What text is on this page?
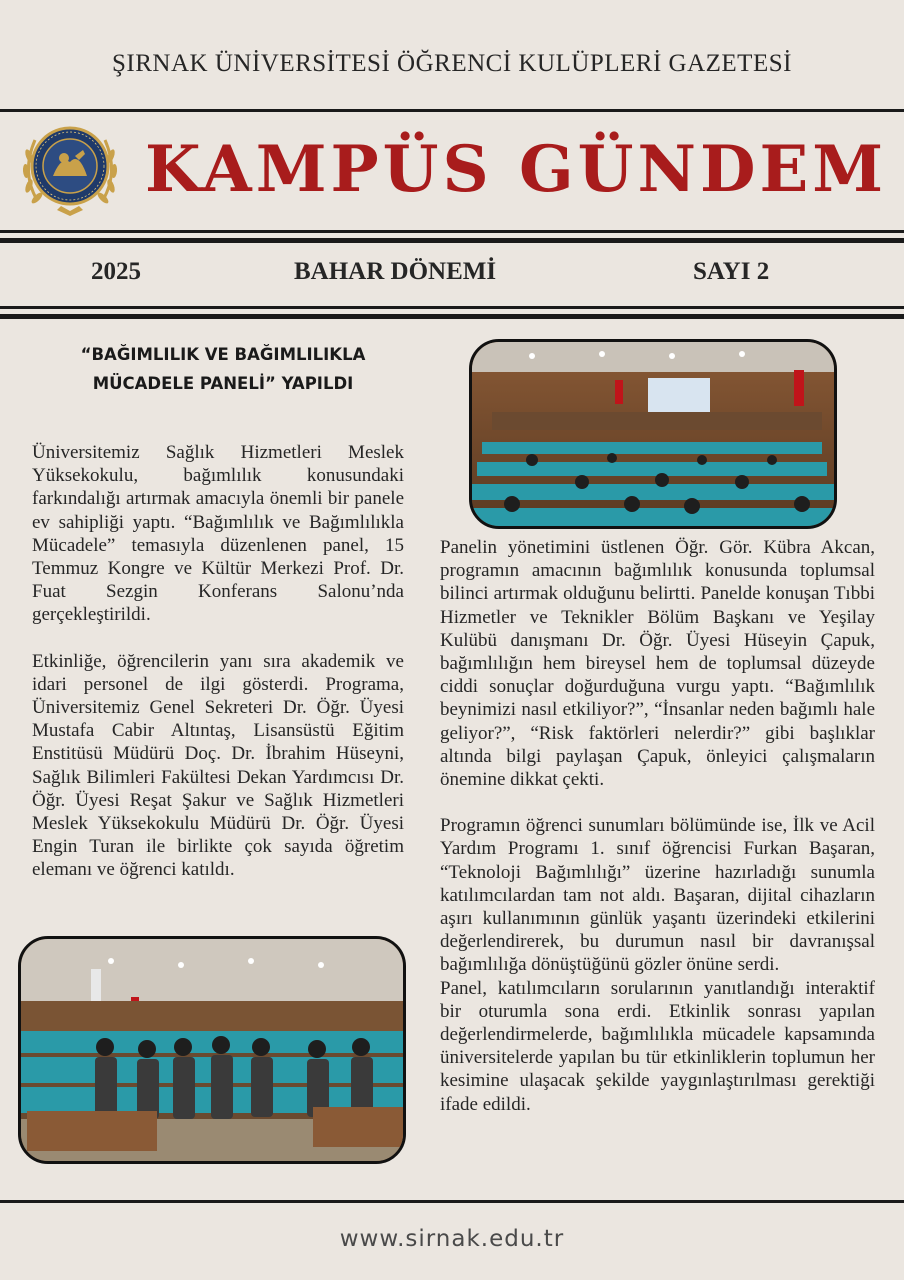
ŞIRNAK ÜNİVERSİTESİ ÖĞRENCİ KULÜPLERİ GAZETESİ
KAMPÜS GÜNDEM
2025	BAHAR DÖNEMİ	SAYI 2
“BAĞIMLILIK VE BAĞIMLILIKLA
MÜCADELE PANELİ” YAPILDI

Üniversitemiz Sağlık Hizmetleri Meslek Yüksekokulu, bağımlılık konusundaki farkındalığı artırmak amacıyla önemli bir panele ev sahipliği yaptı. “Bağımlılık ve Bağımlılıkla Mücadele” temasıyla düzenlenen panel, 15 Temmuz Kongre ve Kültür Merkezi Prof. Dr. Fuat Sezgin Konferans Salonu’nda gerçekleştirildi.

Etkinliğe, öğrencilerin yanı sıra akademik ve idari personel de ilgi gösterdi. Programa, Üniversitemiz Genel Sekreteri Dr. Öğr. Üyesi Mustafa Cabir Altıntaş, Lisansüstü Eğitim Enstitüsü Müdürü Doç. Dr. İbrahim Hüseyni, Sağlık Bilimleri Fakültesi Dekan Yardımcısı Dr. Öğr. Üyesi Reşat Şakur ve Sağlık Hizmetleri Meslek Yüksekokulu Müdürü Dr. Öğr. Üyesi Engin Turan ile birlikte çok sayıda öğretim elemanı ve öğrenci katıldı.

Panelin yönetimini üstlenen Öğr. Gör. Kübra Akcan, programın amacının bağımlılık konusunda toplumsal bilinci artırmak olduğunu belirtti. Panelde konuşan Tıbbi Hizmetler ve Teknikler Bölüm Başkanı ve Yeşilay Kulübü danışmanı Dr. Öğr. Üyesi Hüseyin Çapuk, bağımlılığın hem bireysel hem de toplumsal düzeyde ciddi sonuçlar doğurduğuna vurgu yaptı. “Bağımlılık beynimizi nasıl etkiliyor?”, “İnsanlar neden bağımlı hale geliyor?”, “Risk faktörleri nelerdir?” gibi başlıklar altında bilgi paylaşan Çapuk, önleyici çalışmaların önemine dikkat çekti.

Programın öğrenci sunumları bölümünde ise, İlk ve Acil Yardım Programı 1. sınıf öğrencisi Furkan Başaran, “Teknoloji Bağımlılığı” üzerine hazırladığı sunumla katılımcılardan tam not aldı. Başaran, dijital cihazların aşırı kullanımının günlük yaşantı üzerindeki etkilerini değerlendirerek, bu durumun nasıl bir davranışsal bağımlılığa dönüştüğünü gözler önüne serdi.

Panel, katılımcıların sorularının yanıtlandığı interaktif bir oturumla sona erdi. Etkinlik sonrası yapılan değerlendirmelerde, bağımlılıkla mücadele kapsamında üniversitelerde yapılan bu tür etkinliklerin toplumun her kesimine ulaşacak şekilde yaygınlaştırılması gerektiği ifade edildi.

www.sirnak.edu.tr
